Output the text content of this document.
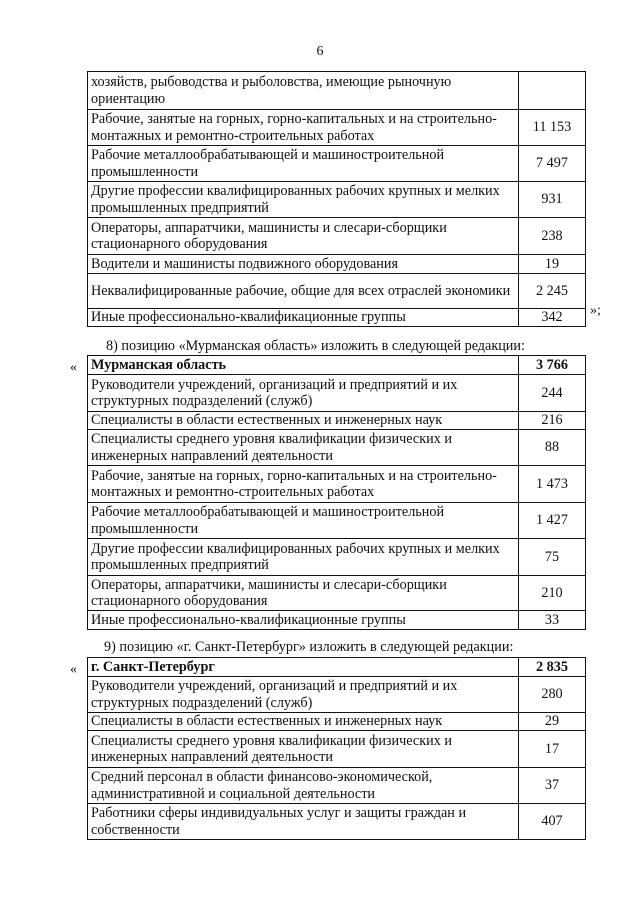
6
хозяйств, рыбоводства и рыболовства, имеющие рыночную ориентацию	
Рабочие, занятые на горных, горно-капитальных и на строительно-монтажных и ремонтно-строительных работах	11 153
Рабочие металлообрабатывающей и машиностроительной промышленности	7 497
Другие профессии квалифицированных рабочих крупных и мелких промышленных предприятий	931
Операторы, аппаратчики, машинисты и слесари-сборщики стационарного оборудования	238
Водители и машинисты подвижного оборудования	19
Неквалифицированные рабочие, общие для всех отраслей экономики	2 245
Иные профессионально-квалификационные группы	342 »;
8) позицию «Мурманская область» изложить в следующей редакции:
« Мурманская область	3 766
Руководители учреждений, организаций и предприятий и их структурных подразделений (служб)	244
Специалисты в области естественных и инженерных наук	216
Специалисты среднего уровня квалификации физических и инженерных направлений деятельности	88
Рабочие, занятые на горных, горно-капитальных и на строительно-монтажных и ремонтно-строительных работах	1 473
Рабочие металлообрабатывающей и машиностроительной промышленности	1 427
Другие профессии квалифицированных рабочих крупных и мелких промышленных предприятий	75
Операторы, аппаратчики, машинисты и слесари-сборщики стационарного оборудования	210
Иные профессионально-квалификационные группы	33
9) позицию «г. Санкт-Петербург» изложить в следующей редакции:
« г. Санкт-Петербург	2 835
Руководители учреждений, организаций и предприятий и их структурных подразделений (служб)	280
Специалисты в области естественных и инженерных наук	29
Специалисты среднего уровня квалификации физических и инженерных направлений деятельности	17
Средний персонал в области финансово-экономической, административной и социальной деятельности	37
Работники сферы индивидуальных услуг и защиты граждан и собственности	407
